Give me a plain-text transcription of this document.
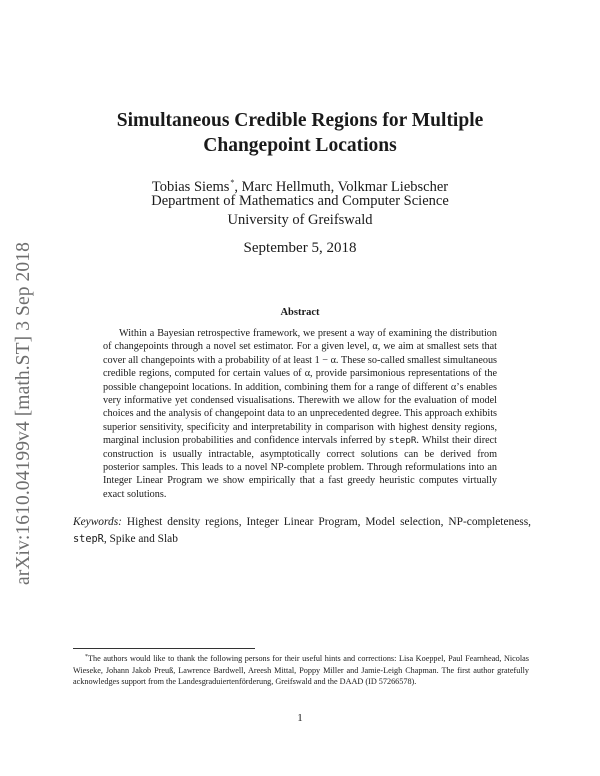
arXiv:1610.04199v4 [math.ST] 3 Sep 2018
Simultaneous Credible Regions for Multiple
Changepoint Locations
Tobias Siems*, Marc Hellmuth, Volkmar Liebscher
Department of Mathematics and Computer Science
University of Greifswald
September 5, 2018
Abstract

Within a Bayesian retrospective framework, we present a way of examining the distribution of changepoints through a novel set estimator. For a given level, α, we aim at smallest sets that cover all changepoints with a probability of at least 1 − α. These so-called smallest simultaneous credible regions, computed for certain values of α, provide parsimonious representations of the possible changepoint locations. In addition, combining them for a range of different α’s enables very informative yet condensed visualisations. Therewith we allow for the evaluation of model choices and the analysis of changepoint data to an unprecedented degree. This approach exhibits superior sensitivity, specificity and interpretability in comparison with highest density regions, marginal inclusion probabilities and confidence intervals inferred by stepR. Whilst their direct construction is usually intractable, asymptotically correct solutions can be derived from posterior samples. This leads to a novel NP-complete problem. Through reformulations into an Integer Linear Program we show empirically that a fast greedy heuristic computes virtually exact solutions.

Keywords: Highest density regions, Integer Linear Program, Model selection, NP-completeness, stepR, Spike and Slab

*The authors would like to thank the following persons for their useful hints and corrections: Lisa Koeppel, Paul Fearnhead, Nicolas Wieseke, Johann Jakob Preuß, Lawrence Bardwell, Areesh Mittal, Poppy Miller and Jamie-Leigh Chapman. The first author gratefully acknowledges support from the Landesgraduiertenförderung, Greifswald and the DAAD (ID 57266578).

1
